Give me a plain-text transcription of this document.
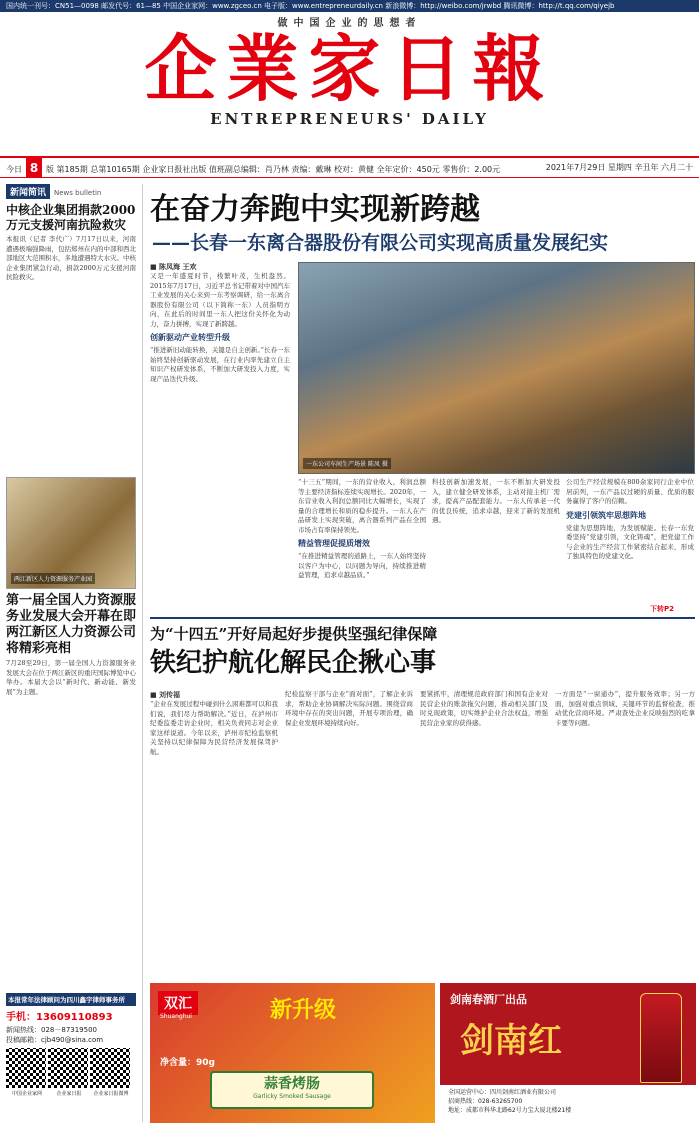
国内统一刊号：CN51—0098 邮发代号：61—85 中国企业家网：www.zgceo.cn 电子版：www.entrepreneurdaily.cn 新浪微博：http://weibo.com/jrwbd 腾讯微博：http://t.qq.com/qiyejb
做中国企业的思想者
企業家日報
ENTREPRENEURS' DAILY
今日 8 版 第185期 总第10165期 企业家日报社出版 值班副总编辑：肖乃林 责编：戴琳 校对：黄健 全年定价：450元 零售价：2.00元	2021年7月29日 星期四 辛丑年 六月二十
新闻简讯 News bulletin
中核企业集团捐款2000万元支援河南抗险救灾
本报讯（记者 李代广）7月17日以来，河南遭遇极端强降雨，包括郑州在内的中部和西北部地区大范围积水，多地遭遇特大水灾。中核企业集团紧急行动，捐款2000万元支援河南抗险救灾。
两江新区人力资源服务产业园
第一届全国人力资源服务业发展大会开幕在即 两江新区人力资源公司将精彩亮相
7月28至29日，第一届全国人力资源服务业发展大会在位于两江新区的重庆国际博览中心举办。本届大会以“新时代、新动能、新发展”为主题。
本报常年法律顾问为四川鑫宇律师事务所
手机：13609110893
新闻热线：028－87319500
投稿邮箱：cjb490@sina.com
中国企业家网	企业家日报	企业家日报微博
在奋力奔跑中实现新跨越
——长春一东离合器股份有限公司实现高质量发展纪实
■ 陈凤海 王欢
又是一年盛夏时节，栈繁叶茂，生机盎然。2015年7月17日，习近平总书记带着对中国汽车工业发展的关心来到一东考察调研，给一东离合器股份有限公司（以下简称一东）人员指明方向，在此后的时间里一东人把这份关怀化为动力，奋力拼搏，实现了新跨越。
创新驱动产业转型升级
“推进新旧动能转换，关键是自主创新。”长春一东始终坚持创新驱动发展，在行业内率先建立自主知识产权研发体系，不断加大研发投入力度，实现产品迭代升级。
一东公司车间生产场景 陈凤 摄
“十三五”期间，一东的营业收入、利润总额等主要经济指标连续实现增长。2020年，一东营业收入利润总额同比大幅增长，实现了量的合理增长和质的稳步提升。一东人在产品研发上实现突破，离合器系列产品在全国市场占有率保持领先。
精益管理促提质增效
“在推进精益管理的道路上，一东人始终坚持以客户为中心，以问题为导向，持续推进精益管理，追求卓越品质。”
科技创新加速发展，一东不断加大研发投入，建立健全研发体系，主动对接主机厂需求，提高产品配套能力。一东人传承老一代的优良传统，追求卓越，迎来了新的发展机遇。
公司生产经营规模在800余家同行企业中位居前列，一东产品以过硬的质量、优质的服务赢得了客户的信赖。
党建引领筑牢思想阵地
党建为思想阵地，为发展赋能。长春一东党委坚持“党建引领，文化铸魂”，把党建工作与企业的生产经营工作紧密结合起来，形成了独具特色的党建文化。
下转P2
为“十四五”开好局起好步提供坚强纪律保障
铁纪护航化解民企揪心事
■ 刘传福
“企业在发展过程中碰到什么困难都可以和我们说，我们尽力帮助解决。”近日，在泸州市纪委监委走访企业时，相关负责同志对企业家这样说道。今年以来，泸州市纪检监察机关坚持以纪律保障为民营经济发展保驾护航。
纪检监察干部与企业“面对面”，了解企业诉求，帮助企业协调解决实际问题。围绕营商环境中存在的突出问题，开展专项治理，确保企业发展环境持续向好。
要紧抓牢，清理规范政府部门和国有企业对民营企业的账款拖欠问题，推动相关部门及时兑现政策，切实维护企业合法权益，增强民营企业家的获得感。
一方面是“一窗通办”，提升服务效率；另一方面，加强对重点领域、关键环节的监督检查，推动优化营商环境。严肃查处企业反映强烈的吃拿卡要等问题。
双汇
Shuanghui	新升级
净含量：90g
蒜香烤肠
Garlicky Smoked Sausage
剑南春酒厂出品
剑南红
全国运营中心：四川剑南红酒业有限公司
招商热线：028-63265700
地址：成都市科华北路62号力宝大厦北楼21楼
